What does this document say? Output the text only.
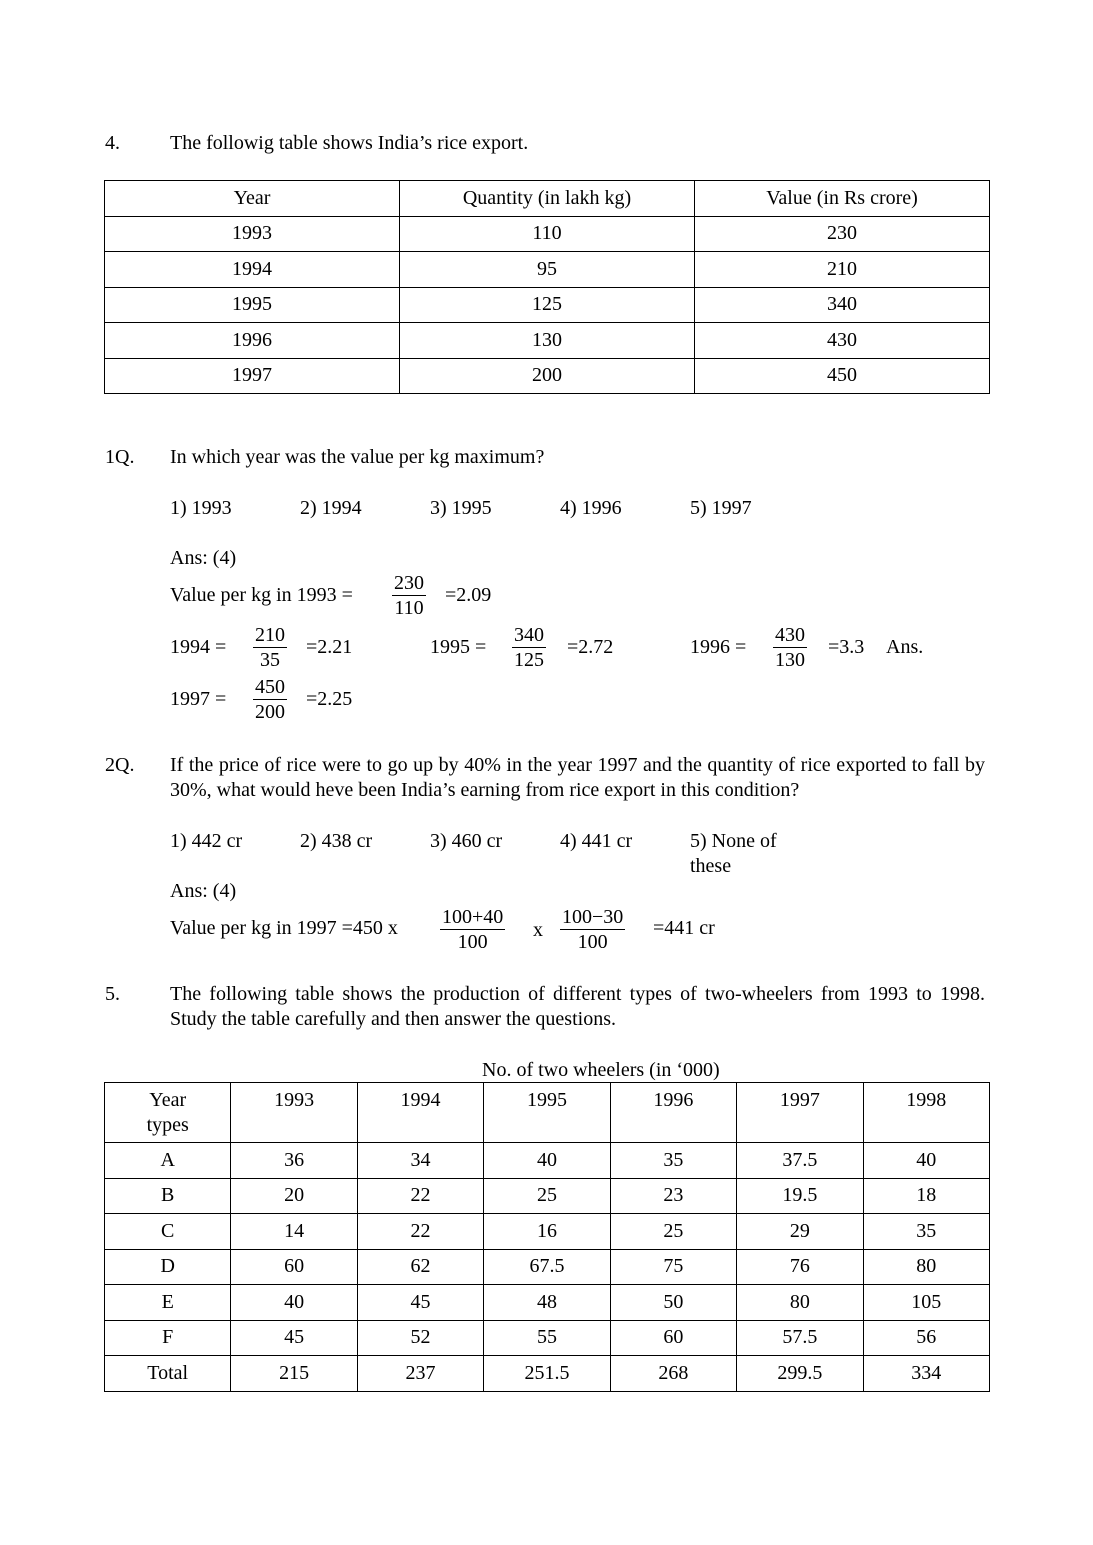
4.	The followig table shows India’s rice export.
Year	Quantity (in lakh kg)	Value (in Rs crore)
1993	110	230
1994	95	210
1995	125	340
1996	130	430
1997	200	450
1Q. In which year was the value per kg maximum?
1) 1993	2) 1994	3) 1995	4) 1996	5) 1997
Ans: (4)
Value per kg in $1993 = \frac{230}{110} =2.09$
$1994 = \frac{210}{35} =2.21$	$1995 = \frac{340}{125} =2.72$	$1996 = \frac{430}{130} =3.3$ Ans.
$1997 = \frac{450}{200} =2.25$
2Q. If the price of rice were to go up by 40% in the year 1997 and the quantity of rice exported to fall by 30%, what would heve been India’s earning from rice export in this condition?
1) 442 cr	2) 438 cr	3) 460 cr	4) 441 cr	5) None of these
Ans: (4)
Value per kg in 1997 =450 x $\frac{100+40}{100}$ x $\frac{100-30}{100} =441$ cr
5.	The following table shows the production of different types of two-wheelers from 1993 to 1998. Study the table carefully and then answer the questions.
No. of two wheelers (in ‘000)
Year
types	1993	1994	1995	1996	1997	1998
A	36	34	40	35	37.5	40
B	20	22	25	23	19.5	18
C	14	22	16	25	29	35
D	60	62	67.5	75	76	80
E	40	45	48	50	80	105
F	45	52	55	60	57.5	56
Total	215	237	251.5	268	299.5	334
